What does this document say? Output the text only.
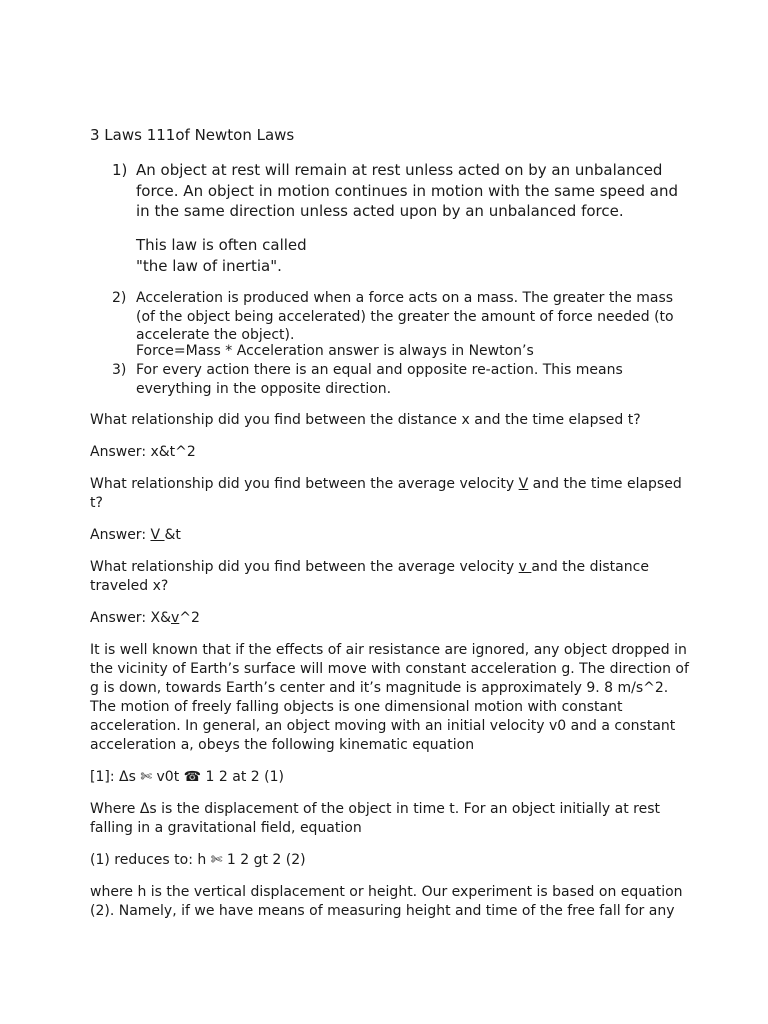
3 Laws 111of Newton Laws
1) An object at rest will remain at rest unless acted on by an unbalanced force. An object in motion continues in motion with the same speed and in the same direction unless acted upon by an unbalanced force.
This law is often called
"the law of inertia".
2) Acceleration is produced when a force acts on a mass. The greater the mass (of the object being accelerated) the greater the amount of force needed (to accelerate the object).
Force=Mass * Acceleration answer is always in Newton’s
3) For every action there is an equal and opposite re-action. This means everything in the opposite direction.
What relationship did you find between the distance x and the time elapsed t?
Answer: x&t^2
What relationship did you find between the average velocity V and the time elapsed t?
Answer: V &t
What relationship did you find between the average velocity v and the distance traveled x?
Answer: X&v^2
It is well known that if the effects of air resistance are ignored, any object dropped in the vicinity of Earth’s surface will move with constant acceleration g. The direction of g is down, towards Earth’s center and it’s magnitude is approximately 9. 8 m/s^2. The motion of freely falling objects is one dimensional motion with constant acceleration. In general, an object moving with an initial velocity v0 and a constant acceleration a, obeys the following kinematic equation
[1]: Δs ✄ v0t ☎ 1 2 at 2 (1)
Where Δs is the displacement of the object in time t. For an object initially at rest falling in a gravitational field, equation
(1) reduces to: h ✄ 1 2 gt 2 (2)
where h is the vertical displacement or height. Our experiment is based on equation (2). Namely, if we have means of measuring height and time of the free fall for any
